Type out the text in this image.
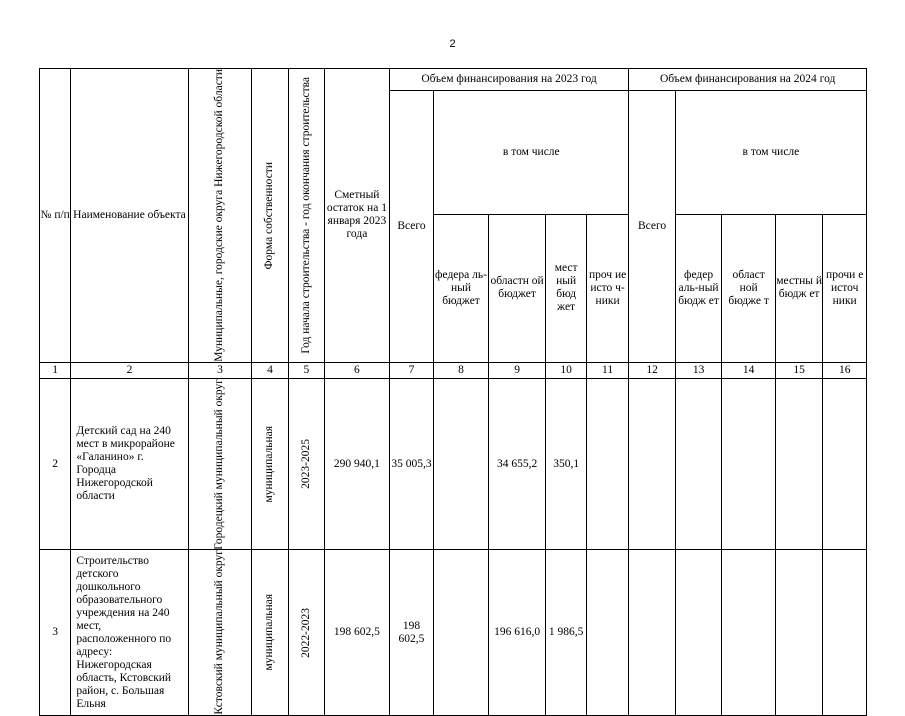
2
№ п/п	Наименование объекта	Муниципальные, городские округа Нижегородской области	Форма собственности	Год начала строительства - год окончания строительства	Сметный остаток на 1 января 2023 года	Объем финансирования на 2023 год					Объем финансирования на 2024 год				
						Всего	в том числе				Всего	в том числе			
							федера ль-ный бюджет	областн ой бюджет	мест ный бюд жет	проч ие исто ч-ники		федер аль-ный бюдж ет	област ной бюдже т	местны й бюдж ет	прочи е источ ники
1	2	3	4	5	6	7	8	9	10	11	12	13	14	15	16
2	Детский сад на 240 мест в микрорайоне «Галанино» г. Городца Нижегородской области	Городецкий муниципальный округ	муниципальная	2023-2025	290 940,1	35 005,3		34 655,2	350,1						
3	Строительство детского дошкольного образовательного учреждения на 240 мест, расположенного по адресу: Нижегородская область, Кстовский район, с. Большая Ельня	Кстовский муниципальный округ	муниципальная	2022-2023	198 602,5	198 602,5		196 616,0	1 986,5						
